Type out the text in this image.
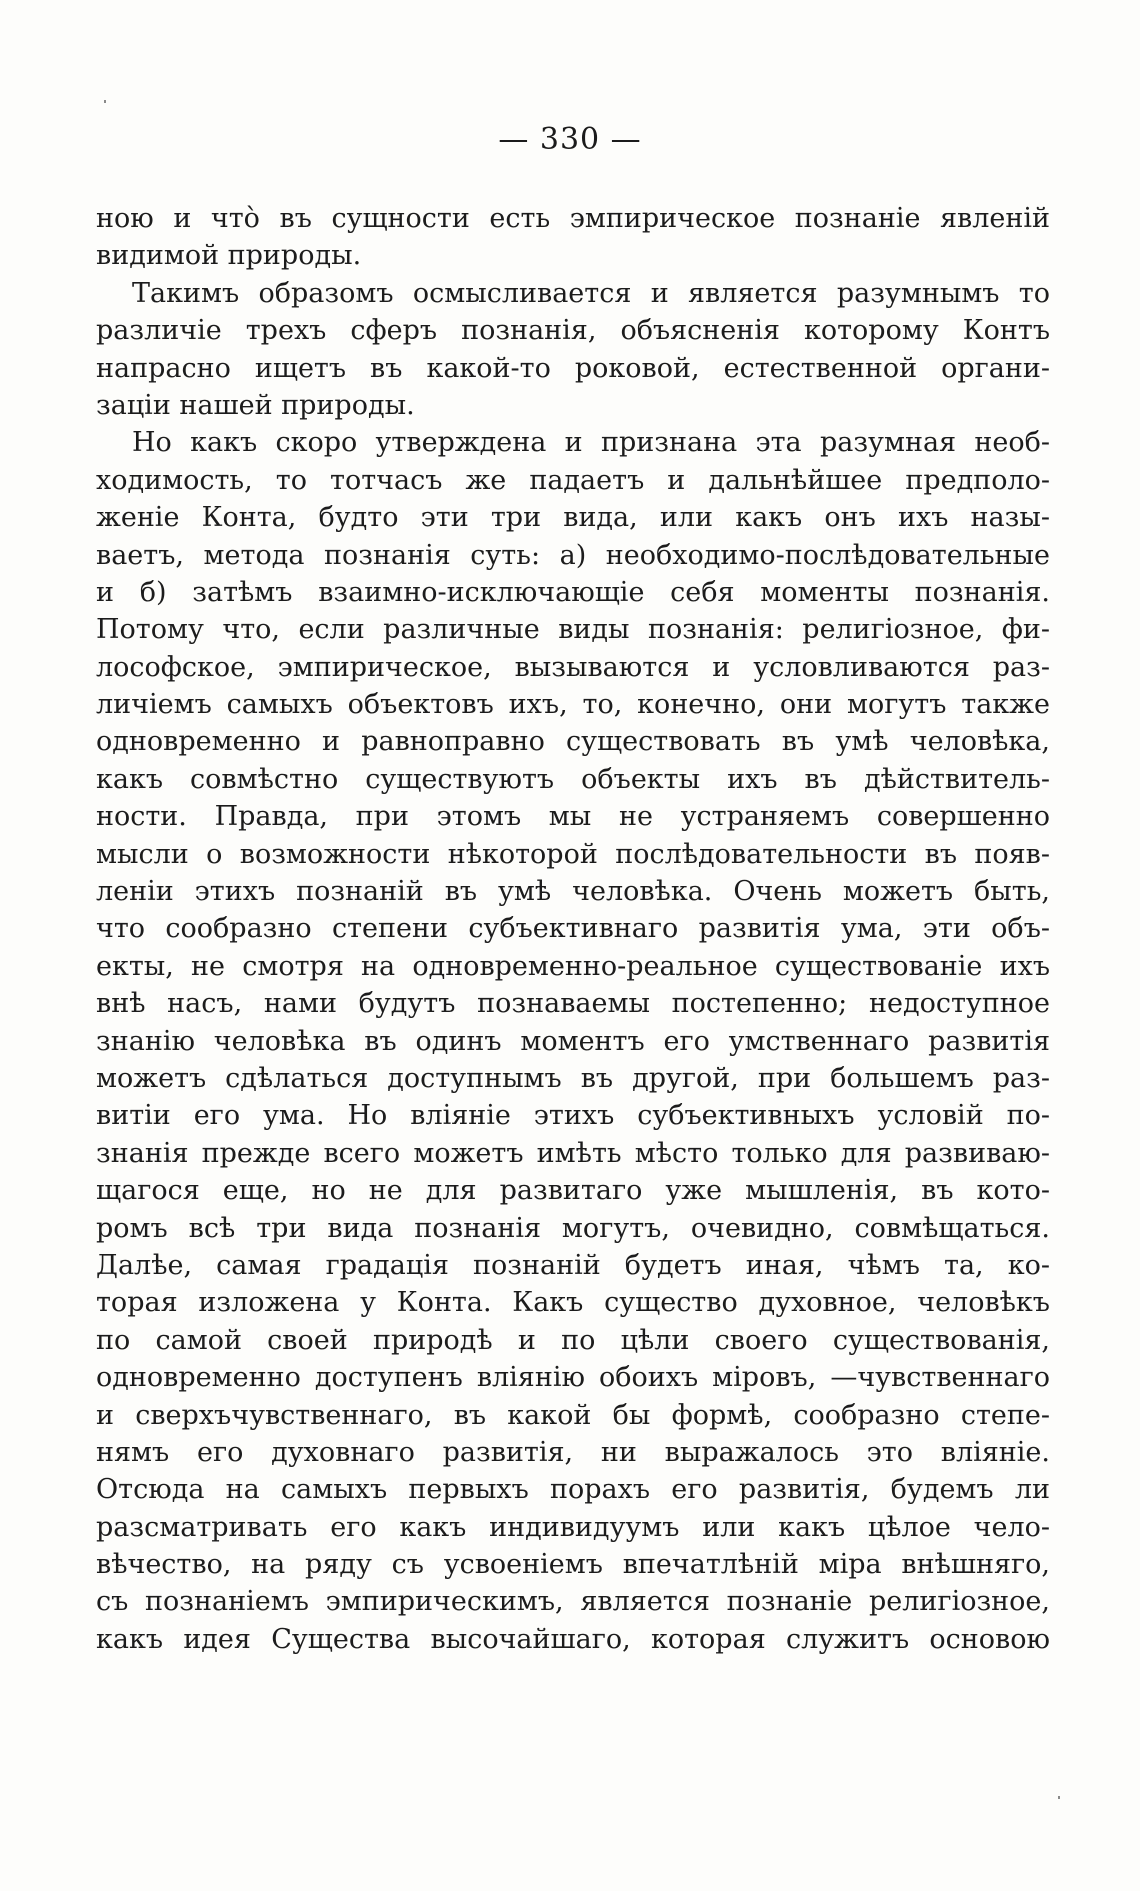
— 330 —
ною и что̀ въ сущности есть эмпирическое познаніе явленій
видимой природы.
Такимъ образомъ осмысливается и является разумнымъ то
различіе трехъ сферъ познанія, объясненія которому Контъ
напрасно ищетъ въ какой-то роковой, естественной органи-
заціи нашей природы.
Но какъ скоро утверждена и признана эта разумная необ-
ходимость, то тотчасъ же падаетъ и дальнѣйшее предполо-
женіе Конта, будто эти три вида, или какъ онъ ихъ назы-
ваетъ, метода познанія суть: а) необходимо-послѣдовательные
и б) затѣмъ взаимно-исключающіе себя моменты познанія.
Потому что, если различные виды познанія: религіозное, фи-
лософское, эмпирическое, вызываются и условливаются раз-
личіемъ самыхъ объектовъ ихъ, то, конечно, они могутъ также
одновременно и равноправно существовать въ умѣ человѣка,
какъ совмѣстно существуютъ объекты ихъ въ дѣйствитель-
ности. Правда, при этомъ мы не устраняемъ совершенно
мысли о возможности нѣкоторой послѣдовательности въ появ-
леніи этихъ познаній въ умѣ человѣка. Очень можетъ быть,
что сообразно степени субъективнаго развитія ума, эти объ-
екты, не смотря на одновременно-реальное существованіе ихъ
внѣ насъ, нами будутъ познаваемы постепенно; недоступное
знанію человѣка въ одинъ моментъ его умственнаго развитія
можетъ сдѣлаться доступнымъ въ другой, при большемъ раз-
витіи его ума. Но вліяніе этихъ субъективныхъ условій по-
знанія прежде всего можетъ имѣть мѣсто только для развиваю-
щагося еще, но не для развитаго уже мышленія, въ кото-
ромъ всѣ три вида познанія могутъ, очевидно, совмѣщаться.
Далѣе, самая градація познаній будетъ иная, чѣмъ та, ко-
торая изложена у Конта. Какъ существо духовное, человѣкъ
по самой своей природѣ и по цѣли своего существованія,
одновременно доступенъ вліянію обоихъ міровъ, —чувственнаго
и сверхъчувственнаго, въ какой бы формѣ, сообразно степе-
нямъ его духовнаго развитія, ни выражалось это вліяніе.
Отсюда на самыхъ первыхъ порахъ его развитія, будемъ ли
разсматривать его какъ индивидуумъ или какъ цѣлое чело-
вѣчество, на ряду съ усвоеніемъ впечатлѣній міра внѣшняго,
съ познаніемъ эмпирическимъ, является познаніе религіозное,
какъ идея Существа высочайшаго, которая служитъ основою
